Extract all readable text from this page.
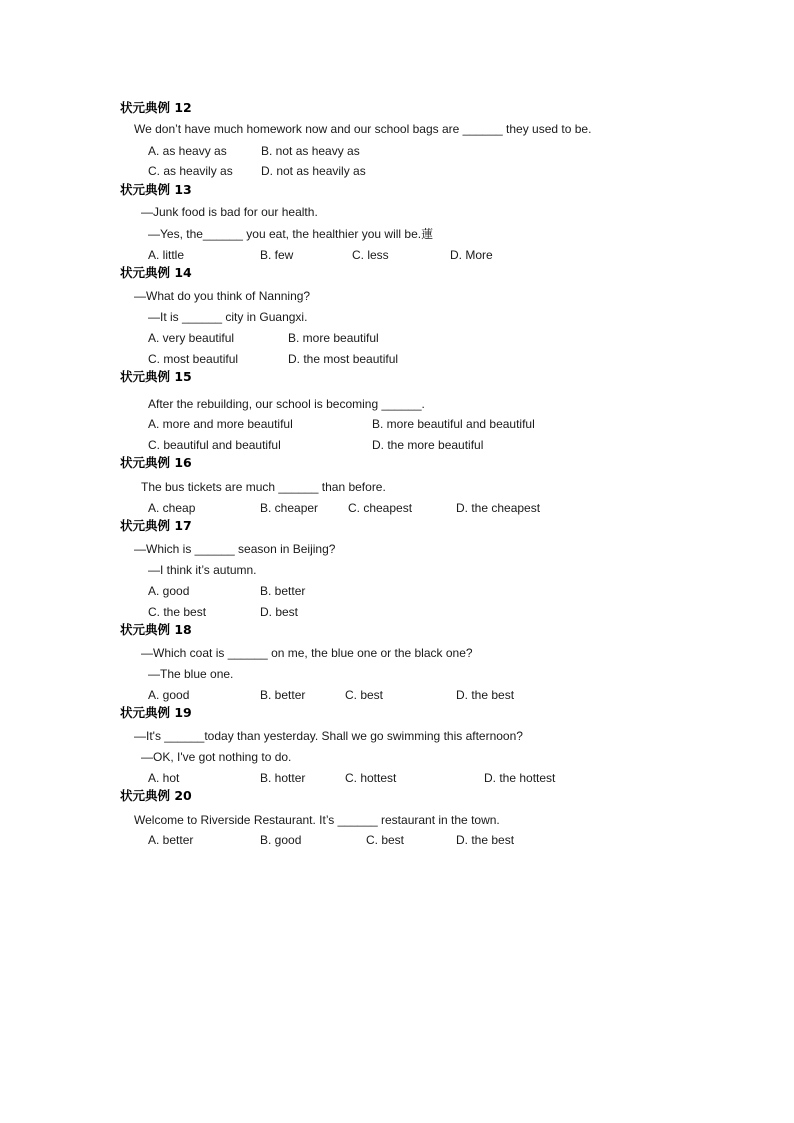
状元典例 12
We don’t have much homework now and our school bags are ______ they used to be.
A. as heavy as	B. not as heavy as
C. as heavily as D. not as heavily as
状元典例 13
—Junk food is bad for our health.
—Yes, the______ you eat, the healthier you will be.蓮
A. little	B. few	C. less	D. More
状元典例 14
—What do you think of Nanning?
—It is ______ city in Guangxi.
A. very beautiful	B. more beautiful
C. most beautiful	D. the most beautiful
状元典例 15
After the rebuilding, our school is becoming ______.
A. more and more beautiful	B. more beautiful and beautiful
C. beautiful and beautiful	D. the more beautiful
状元典例 16
The bus tickets are much ______ than before.
A. cheap	B. cheaper C. cheapest	D. the cheapest
状元典例 17
—Which is ______ season in Beijing?
—I think it’s autumn.
A. good	B. better
C. the best	D. best
状元典例 18
—Which coat is ______ on me, the blue one or the black one?
—The blue one.
A. good	B. better	C. best	D. the best
状元典例 19
—It's ______today than yesterday. Shall we go swimming this afternoon?
—OK, I've got nothing to do.
A. hot	B. hotter	C. hottest	D. the hottest
状元典例 20
Welcome to Riverside Restaurant. It’s ______ restaurant in the town.
A. better	B. good	C. best	D. the best
